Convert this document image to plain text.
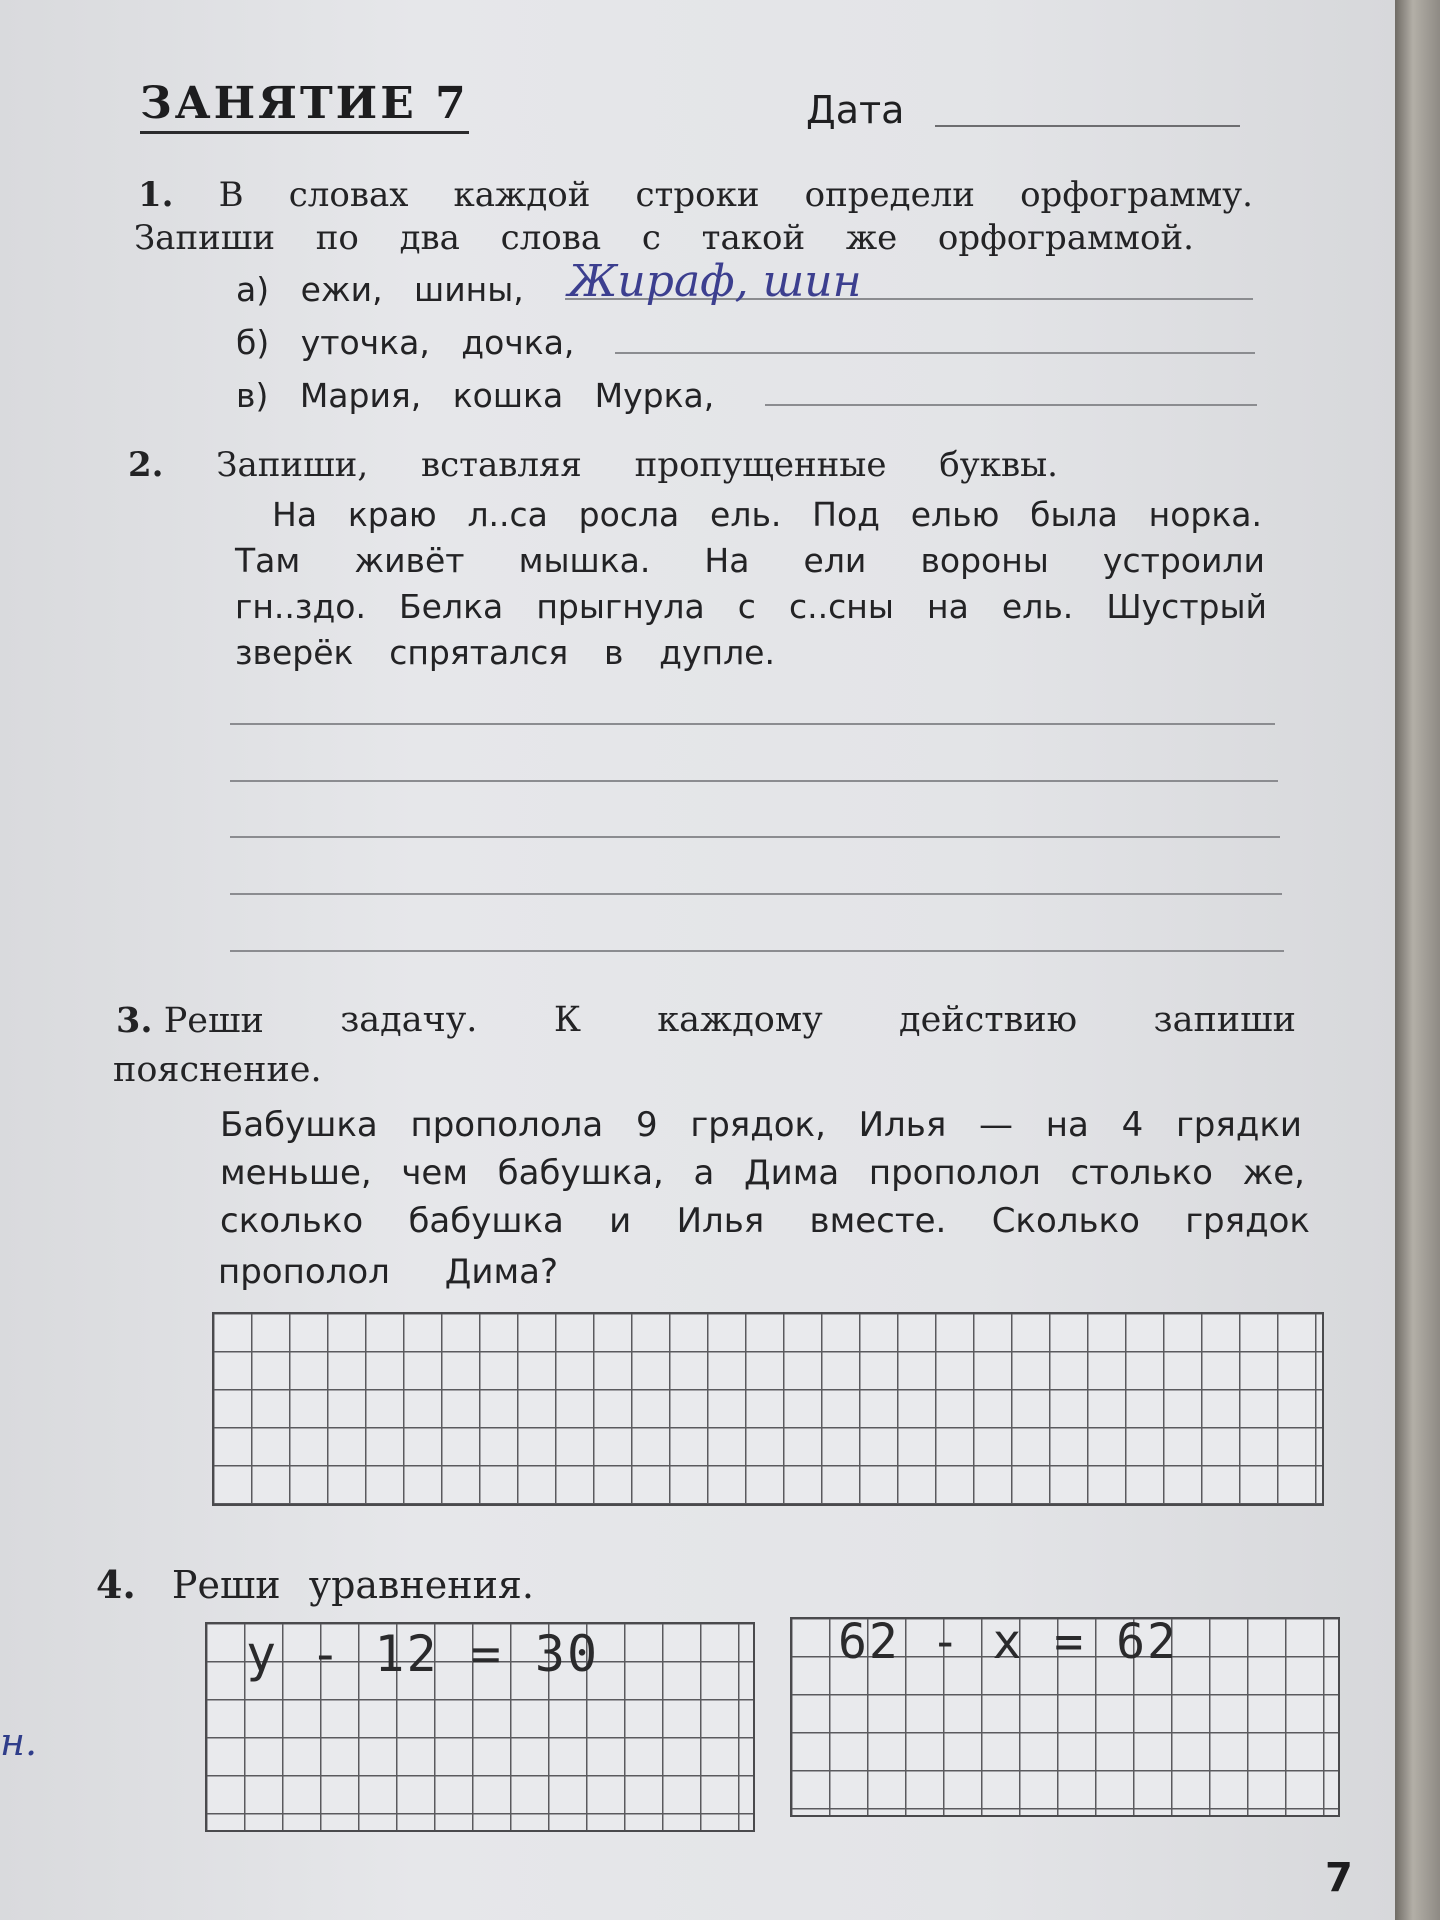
ЗАНЯТИЕ 7	Дата
1. В словах каждой строки определи орфограмму.
Запиши по два слова с такой же орфограммой.
а) ежи,   шины, Жираф, шин
б) уточка,   дочка,
в) Мария,   кошка   Мурка,
2. Запиши, вставляя пропущенные буквы.
На краю л..са росла ель. Под елью была норка.
Там живёт мышка. На ели вороны устроили
гн..здо. Белка прыгнула с с..сны на ель. Шустрый
зверёк спрятался в дупле.
3. Реши задачу. К каждому действию запиши
пояснение.
Бабушка прополола 9 грядок, Илья — на 4 грядки
меньше, чем бабушка, а Дима прополол столько же,
сколько бабушка и Илья вместе. Сколько грядок
прополол Дима?
4. Реши уравнения.
y - 12 = 30	62 - x = 62
7
н.
